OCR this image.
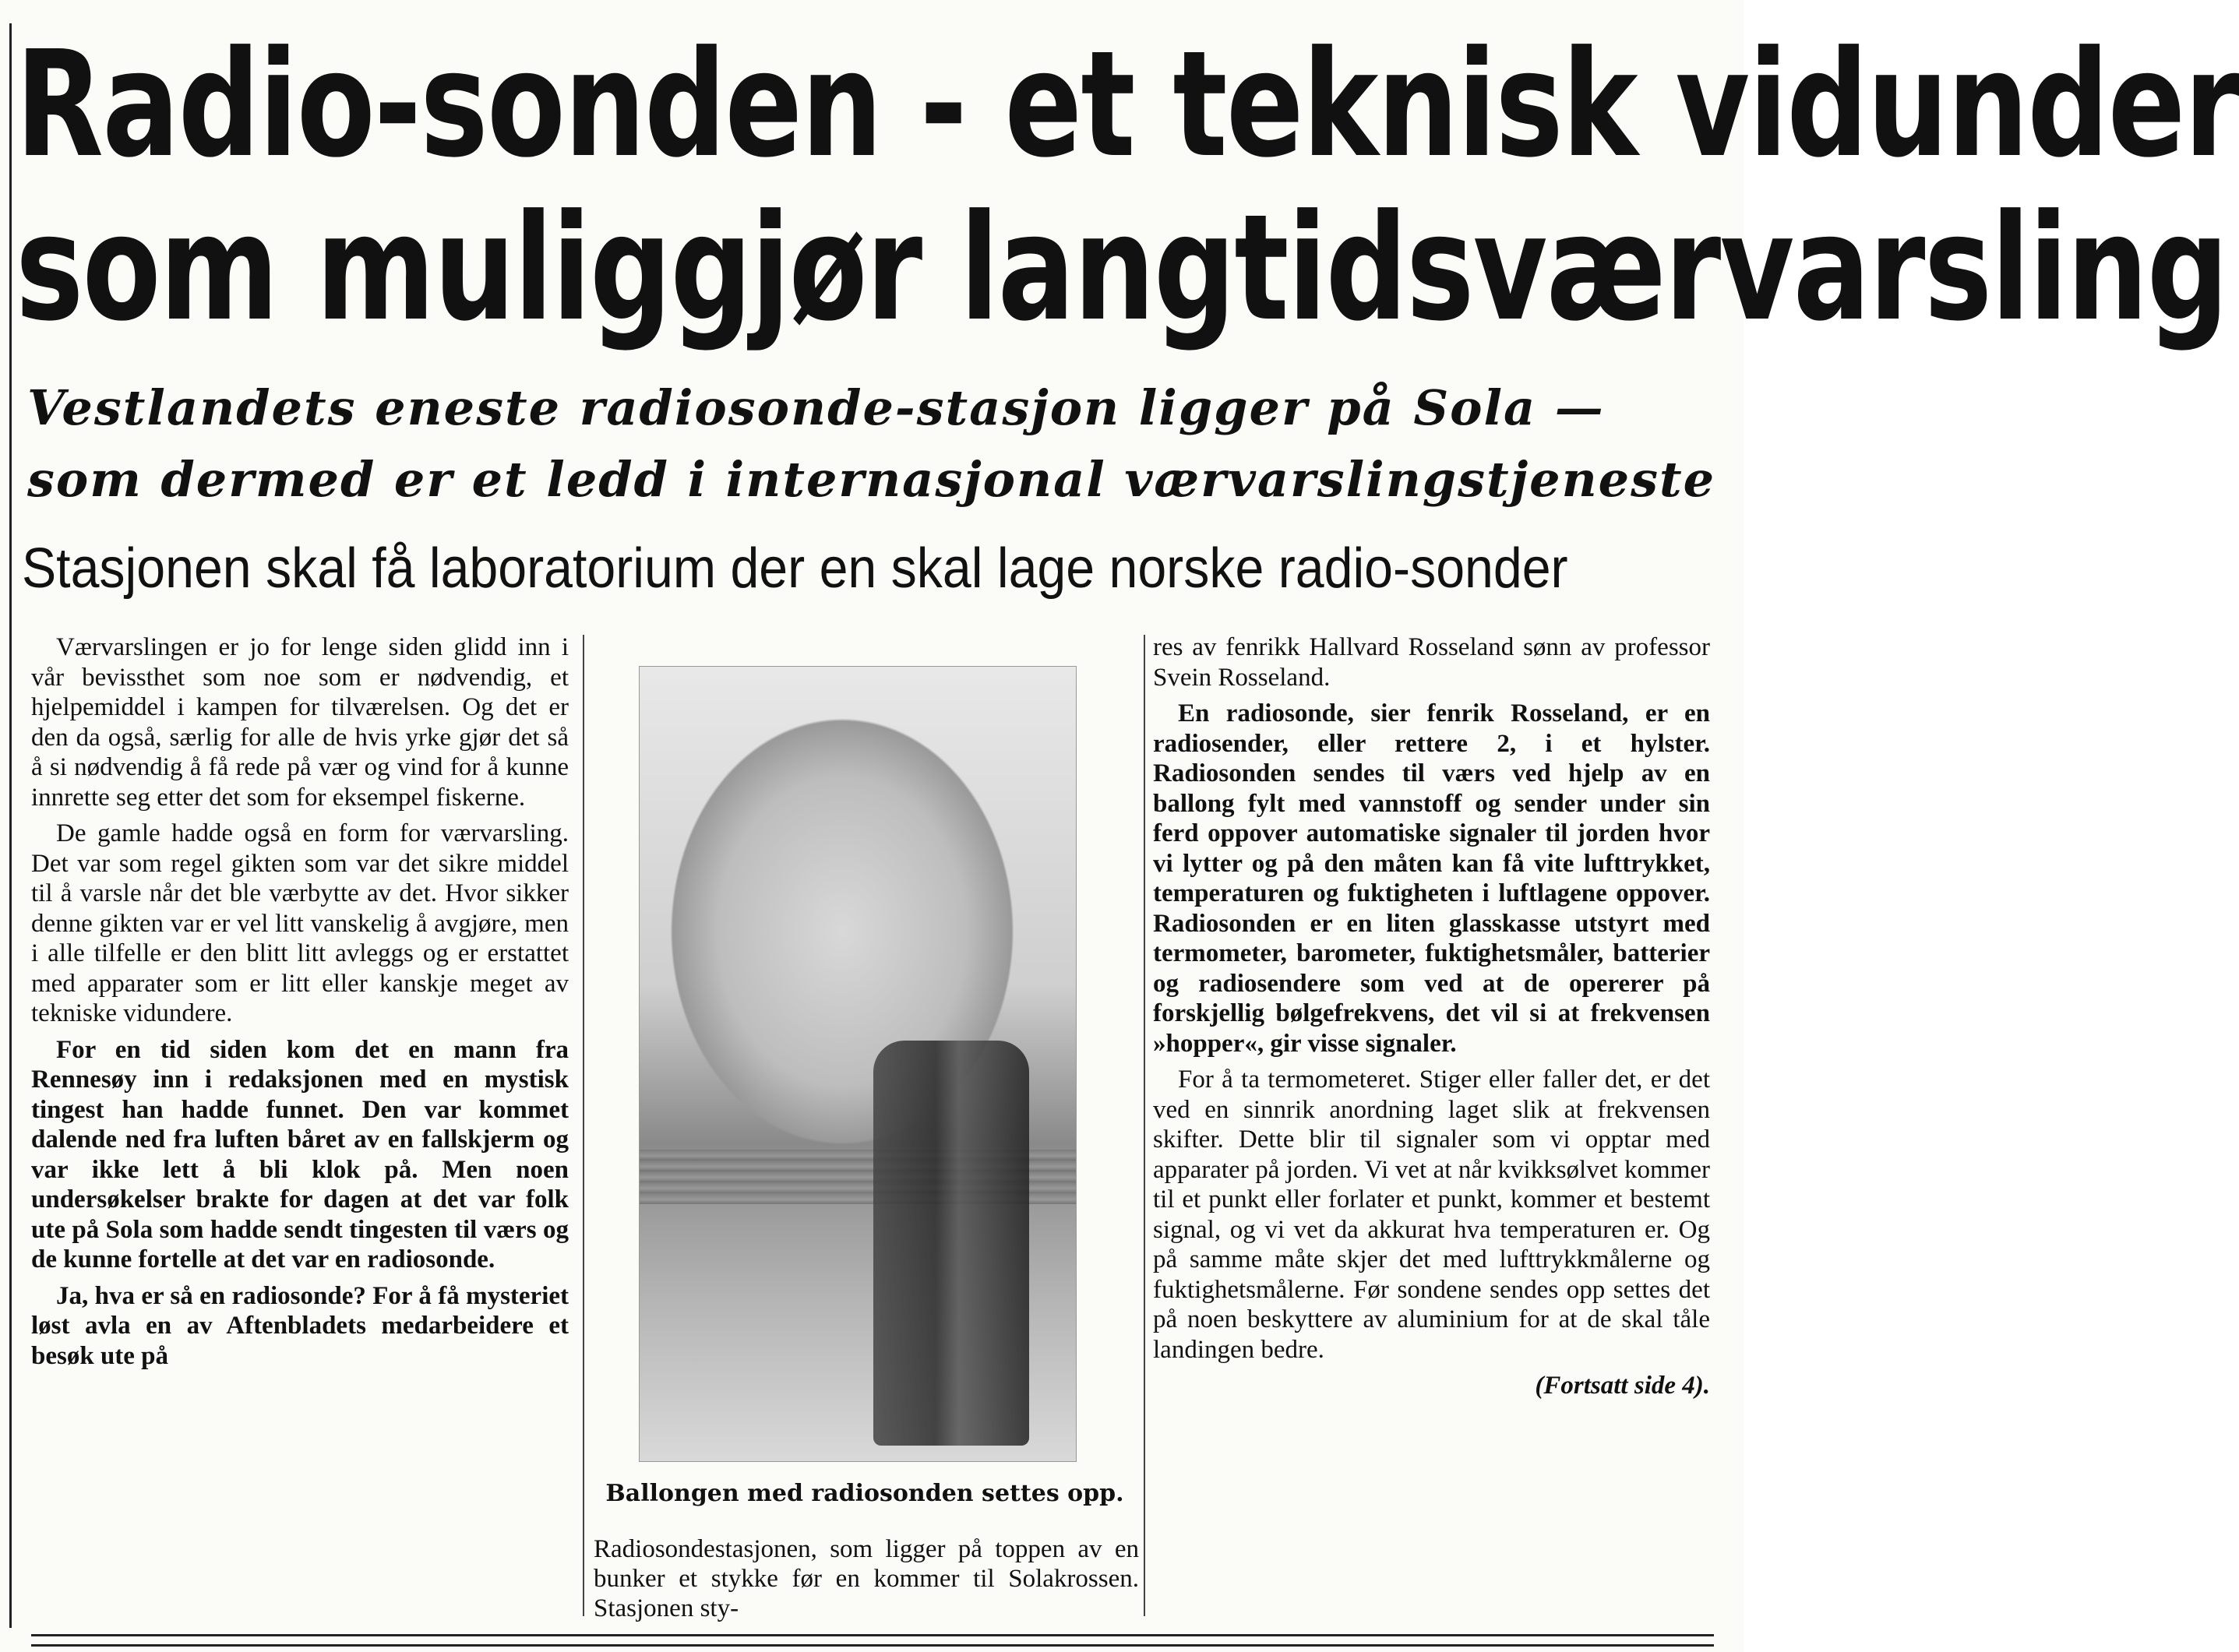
Radio-sonden - et teknisk vidunder
som muliggjør langtidsværvarsling
Vestlandets eneste radiosonde-stasjon ligger på Sola —
som dermed er et ledd i internasjonal værvarslingstjeneste
Stasjonen skal få laboratorium der en skal lage norske radio-sonder

Værvarslingen er jo for lenge siden glidd inn i vår bevissthet som noe som er nødvendig, et hjelpemiddel i kampen for tilværelsen. Og det er den da også, særlig for alle de hvis yrke gjør det så å si nødvendig å få rede på vær og vind for å kunne innrette seg etter det som for eksempel fiskerne.

De gamle hadde også en form for værvarsling. Det var som regel gikten som var det sikre middel til å varsle når det ble værbytte av det. Hvor sikker denne gikten var er vel litt vanskelig å avgjøre, men i alle tilfelle er den blitt litt avleggs og er erstattet med apparater som er litt eller kanskje meget av tekniske vidundere.

For en tid siden kom det en mann fra Rennesøy inn i redaksjonen med en mystisk tingest han hadde funnet. Den var kommet dalende ned fra luften båret av en fallskjerm og var ikke lett å bli klok på. Men noen undersøkelser brakte for dagen at det var folk ute på Sola som hadde sendt tingesten til værs og de kunne fortelle at det var en radiosonde.

Ja, hva er så en radiosonde? For å få mysteriet løst avla en av Aftenbladets medarbeidere et besøk ute på

Ballongen med radiosonden settes opp.

Radiosondestasjonen, som ligger på toppen av en bunker et stykke før en kommer til Solakrossen. Stasjonen sty-

res av fenrikk Hallvard Rosseland sønn av professor Svein Rosseland.

En radiosonde, sier fenrik Rosseland, er en radiosender, eller rettere 2, i et hylster. Radiosonden sendes til værs ved hjelp av en ballong fylt med vannstoff og sender under sin ferd oppover automatiske signaler til jorden hvor vi lytter og på den måten kan få vite lufttrykket, temperaturen og fuktigheten i luftlagene oppover. Radiosonden er en liten glasskasse utstyrt med termometer, barometer, fuktighetsmåler, batterier og radiosendere som ved at de opererer på forskjellig bølgefrekvens, det vil si at frekvensen »hopper«, gir visse signaler.

For å ta termometeret. Stiger eller faller det, er det ved en sinnrik anordning laget slik at frekvensen skifter. Dette blir til signaler som vi opptar med apparater på jorden. Vi vet at når kvikksølvet kommer til et punkt eller forlater et punkt, kommer et bestemt signal, og vi vet da akkurat hva temperaturen er. Og på samme måte skjer det med lufttrykkmålerne og fuktighetsmålerne. Før sondene sendes opp settes det på noen beskyttere av aluminium for at de skal tåle landingen bedre.

(Fortsatt side 4).
